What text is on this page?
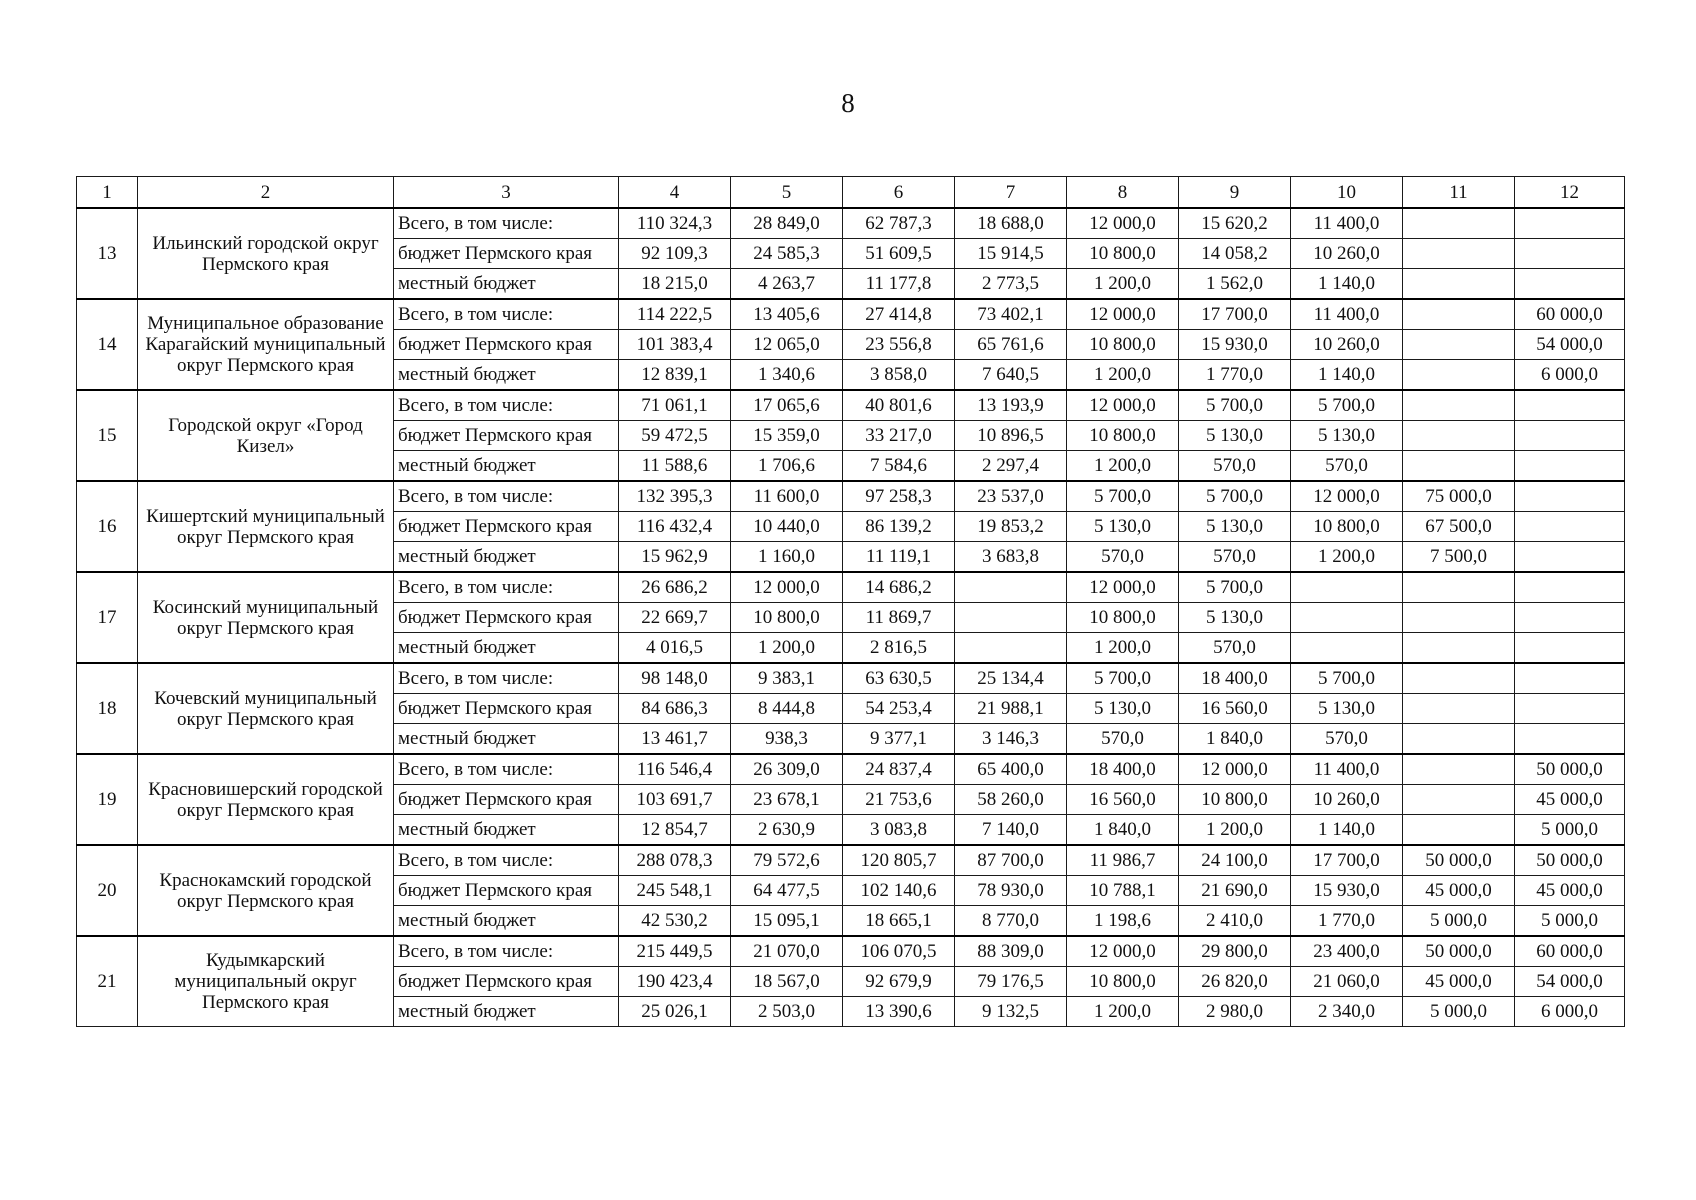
8
1	2	3	4	5	6	7	8	9	10	11	12
13	Ильинский городской округ Пермского края	Всего, в том числе:	110 324,3	28 849,0	62 787,3	18 688,0	12 000,0	15 620,2	11 400,0		
		бюджет Пермского края	92 109,3	24 585,3	51 609,5	15 914,5	10 800,0	14 058,2	10 260,0		
		местный бюджет	18 215,0	4 263,7	11 177,8	2 773,5	1 200,0	1 562,0	1 140,0		
14	Муниципальное образование Карагайский муниципальный округ Пермского края	Всего, в том числе:	114 222,5	13 405,6	27 414,8	73 402,1	12 000,0	17 700,0	11 400,0		60 000,0
		бюджет Пермского края	101 383,4	12 065,0	23 556,8	65 761,6	10 800,0	15 930,0	10 260,0		54 000,0
		местный бюджет	12 839,1	1 340,6	3 858,0	7 640,5	1 200,0	1 770,0	1 140,0		6 000,0
15	Городской округ «Город Кизел»	Всего, в том числе:	71 061,1	17 065,6	40 801,6	13 193,9	12 000,0	5 700,0	5 700,0		
		бюджет Пермского края	59 472,5	15 359,0	33 217,0	10 896,5	10 800,0	5 130,0	5 130,0		
		местный бюджет	11 588,6	1 706,6	7 584,6	2 297,4	1 200,0	570,0	570,0		
16	Кишертский муниципальный округ Пермского края	Всего, в том числе:	132 395,3	11 600,0	97 258,3	23 537,0	5 700,0	5 700,0	12 000,0	75 000,0	
		бюджет Пермского края	116 432,4	10 440,0	86 139,2	19 853,2	5 130,0	5 130,0	10 800,0	67 500,0	
		местный бюджет	15 962,9	1 160,0	11 119,1	3 683,8	570,0	570,0	1 200,0	7 500,0	
17	Косинский муниципальный округ Пермского края	Всего, в том числе:	26 686,2	12 000,0	14 686,2		12 000,0	5 700,0			
		бюджет Пермского края	22 669,7	10 800,0	11 869,7		10 800,0	5 130,0			
		местный бюджет	4 016,5	1 200,0	2 816,5		1 200,0	570,0			
18	Кочевский муниципальный округ Пермского края	Всего, в том числе:	98 148,0	9 383,1	63 630,5	25 134,4	5 700,0	18 400,0	5 700,0		
		бюджет Пермского края	84 686,3	8 444,8	54 253,4	21 988,1	5 130,0	16 560,0	5 130,0		
		местный бюджет	13 461,7	938,3	9 377,1	3 146,3	570,0	1 840,0	570,0		
19	Красновишерский городской округ Пермского края	Всего, в том числе:	116 546,4	26 309,0	24 837,4	65 400,0	18 400,0	12 000,0	11 400,0		50 000,0
		бюджет Пермского края	103 691,7	23 678,1	21 753,6	58 260,0	16 560,0	10 800,0	10 260,0		45 000,0
		местный бюджет	12 854,7	2 630,9	3 083,8	7 140,0	1 840,0	1 200,0	1 140,0		5 000,0
20	Краснокамский городской округ Пермского края	Всего, в том числе:	288 078,3	79 572,6	120 805,7	87 700,0	11 986,7	24 100,0	17 700,0	50 000,0	50 000,0
		бюджет Пермского края	245 548,1	64 477,5	102 140,6	78 930,0	10 788,1	21 690,0	15 930,0	45 000,0	45 000,0
		местный бюджет	42 530,2	15 095,1	18 665,1	8 770,0	1 198,6	2 410,0	1 770,0	5 000,0	5 000,0
21	Кудымкарский муниципальный округ Пермского края	Всего, в том числе:	215 449,5	21 070,0	106 070,5	88 309,0	12 000,0	29 800,0	23 400,0	50 000,0	60 000,0
		бюджет Пермского края	190 423,4	18 567,0	92 679,9	79 176,5	10 800,0	26 820,0	21 060,0	45 000,0	54 000,0
		местный бюджет	25 026,1	2 503,0	13 390,6	9 132,5	1 200,0	2 980,0	2 340,0	5 000,0	6 000,0
